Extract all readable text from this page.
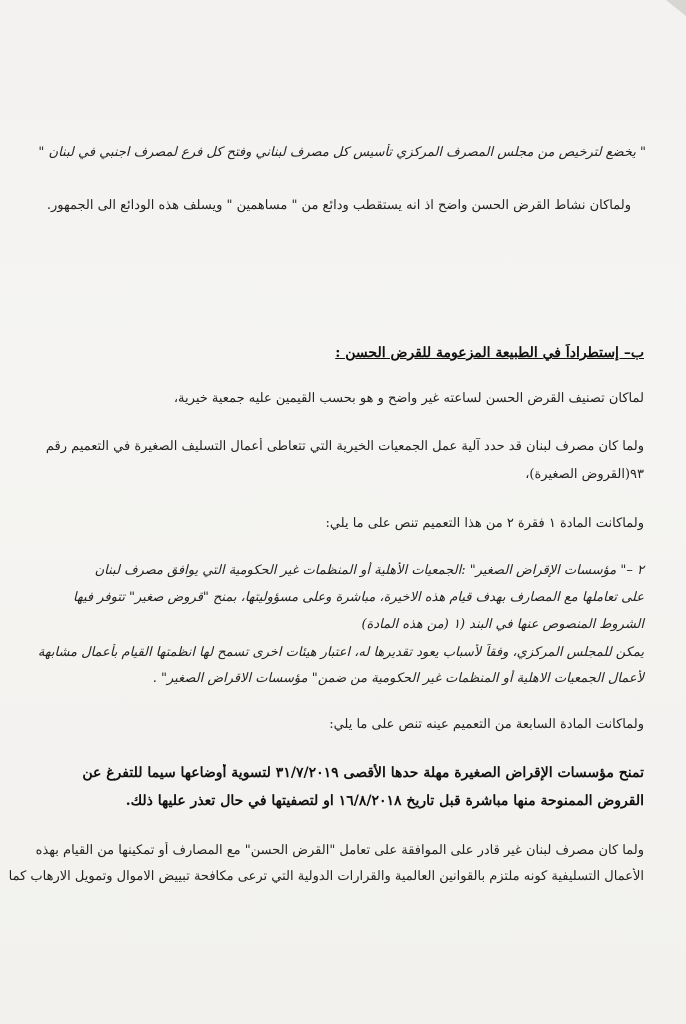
" يخضع لترخيص من مجلس المصرف المركزي تأسيس كل مصرف لبناني وفتح كل فرع لمصرف اجنبي في لبنان "
ولماكان نشاط القرض الحسن واضح اذ انه يستقطب ودائع من " مساهمين " ويسلف هذه الودائع الى الجمهور.
ب– إستطراداً في الطبيعة المزعومة للقرض الحسن :
لماكان تصنيف القرض الحسن لساعته غير واضح و هو بحسب القيمين عليه جمعية خيرية،
ولما كان مصرف لبنان قد حدد آلية عمل الجمعيات الخيرية التي تتعاطى أعمال التسليف الصغيرة في التعميم رقم
٩٣(القروض الصغيرة)،
ولماكانت المادة ١ فقرة ٢ من هذا التعميم تنص على ما يلي:
٢ –" مؤسسات الإقراض الصغير" :الجمعيات الأهلية أو المنظمات غير الحكومية التي يوافق مصرف لبنان
على تعاملها مع المصارف بهدف قيام هذه الاخيرة، مباشرة وعلى مسؤوليتها، بمنح "قروض صغير" تتوفر فيها
الشروط المنصوص عنها في البند (١ (من هذه المادة)
يمكن للمجلس المركزي، وفقاً لأسباب يعود تقديرها له، اعتبار هيئات اخرى تسمح لها انظمتها القيام بأعمال مشابهة
لأعمال الجمعيات الاهلية أو المنظمات غير الحكومية من ضمن" مؤسسات الاقراض الصغير" .
ولماكانت المادة السابعة من التعميم عينه تنص على ما يلي:
تمنح مؤسسات الإقراض الصغيرة مهلة حدها الأقصى ٣١/٧/٢٠١٩ لتسوية أوضاعها سيما للتفرغ عن
القروض الممنوحة منها مباشرة قبل تاريخ ١٦/٨/٢٠١٨ او لتصفيتها في حال تعذر عليها ذلك.
ولما كان مصرف لبنان غير قادر على الموافقة على تعامل "القرض الحسن" مع المصارف أو تمكينها من القيام بهذه
الأعمال التسليفية كونه ملتزم بالقوانين العالمية والقرارات الدولية التي ترعى مكافحة تبييض الاموال وتمويل الارهاب كما
